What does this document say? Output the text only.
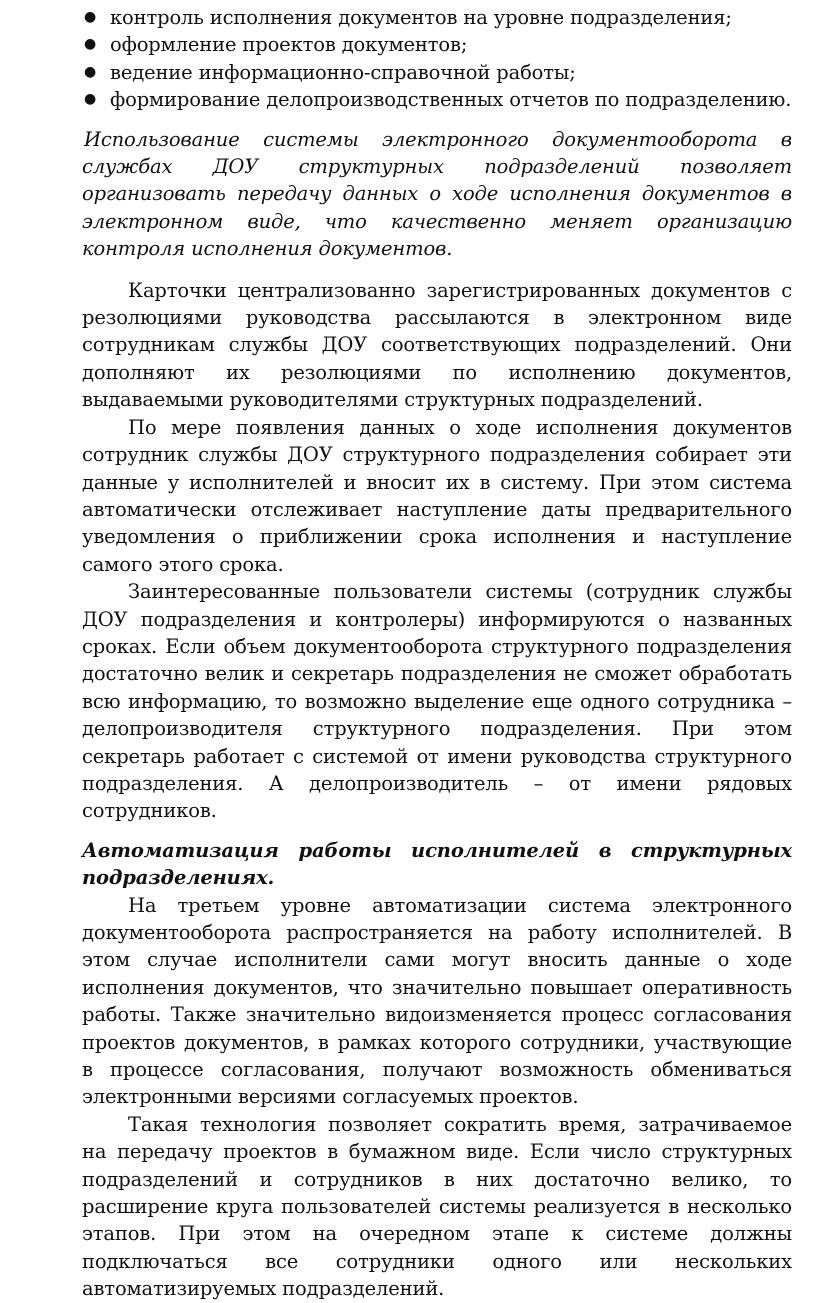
● контроль исполнения документов на уровне подразделения;
● оформление проектов документов;
● ведение информационно-справочной работы;
● формирование делопроизводственных отчетов по подразделению.

Использование системы электронного документооборота в службах ДОУ структурных подразделений позволяет организовать передачу данных о ходе исполнения документов в электронном виде, что качественно меняет организацию контроля исполнения документов.

Карточки централизованно зарегистрированных документов с резолюциями руководства рассылаются в электронном виде сотрудникам службы ДОУ соответствующих подразделений. Они дополняют их резолюциями по исполнению документов, выдаваемыми руководителями структурных подразделений.

По мере появления данных о ходе исполнения документов сотрудник службы ДОУ структурного подразделения собирает эти данные у исполнителей и вносит их в систему. При этом система автоматически отслеживает наступление даты предварительного уведомления о приближении срока исполнения и наступление самого этого срока.

Заинтересованные пользователи системы (сотрудник службы ДОУ подразделения и контролеры) информируются о названных сроках. Если объем документооборота структурного подразделения достаточно велик и секретарь подразделения не сможет обработать всю информацию, то возможно выделение еще одного сотрудника – делопроизводителя структурного подразделения. При этом секретарь работает с системой от имени руководства структурного подразделения. А делопроизводитель – от имени рядовых сотрудников.

Автоматизация работы исполнителей в структурных подразделениях.

На третьем уровне автоматизации система электронного документооборота распространяется на работу исполнителей. В этом случае исполнители сами могут вносить данные о ходе исполнения документов, что значительно повышает оперативность работы. Также значительно видоизменяется процесс согласования проектов документов, в рамках которого сотрудники, участвующие в процессе согласования, получают возможность обмениваться электронными версиями согласуемых проектов.

Такая технология позволяет сократить время, затрачиваемое на передачу проектов в бумажном виде. Если число структурных подразделений и сотрудников в них достаточно велико, то расширение круга пользователей системы реализуется в несколько этапов. При этом на очередном этапе к системе должны подключаться все сотрудники одного или нескольких автоматизируемых подразделений.
